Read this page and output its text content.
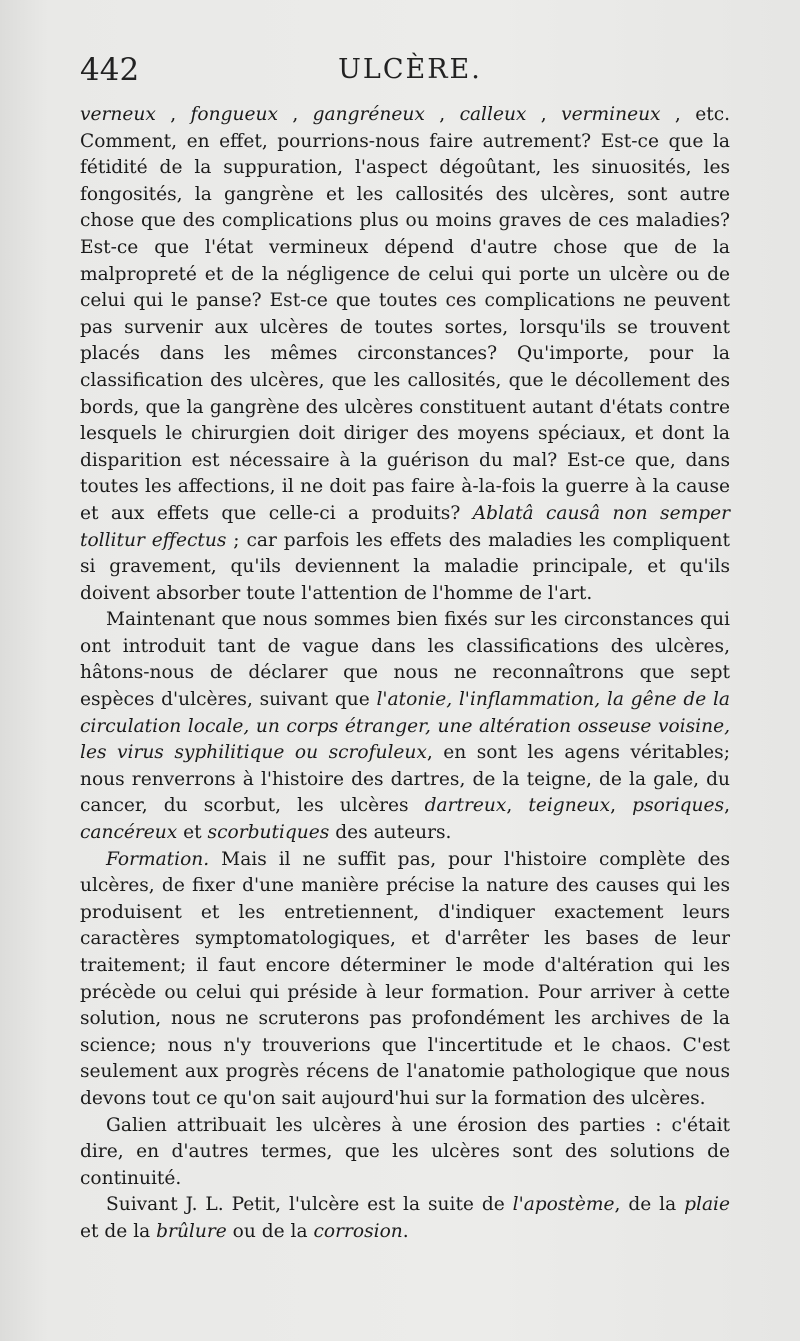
442	ULCÈRE.

verneux , fongueux , gangréneux , calleux , vermineux , etc. Comment, en effet, pourrions-nous faire autrement? Est-ce que la fétidité de la suppuration, l'aspect dégoûtant, les sinuosités, les fongosités, la gangrène et les callosités des ulcères, sont autre chose que des complications plus ou moins graves de ces maladies? Est-ce que l'état vermineux dépend d'autre chose que de la malpropreté et de la négligence de celui qui porte un ulcère ou de celui qui le panse? Est-ce que toutes ces complications ne peuvent pas survenir aux ulcères de toutes sortes, lorsqu'ils se trouvent placés dans les mêmes circonstances? Qu'importe, pour la classification des ulcères, que les callosités, que le décollement des bords, que la gangrène des ulcères constituent autant d'états contre lesquels le chirurgien doit diriger des moyens spéciaux, et dont la disparition est nécessaire à la guérison du mal? Est-ce que, dans toutes les affections, il ne doit pas faire à-la-fois la guerre à la cause et aux effets que celle-ci a produits? Ablatâ causâ non semper tollitur effectus ; car parfois les effets des maladies les compliquent si gravement, qu'ils deviennent la maladie principale, et qu'ils doivent absorber toute l'attention de l'homme de l'art.

Maintenant que nous sommes bien fixés sur les circonstances qui ont introduit tant de vague dans les classifications des ulcères, hâtons-nous de déclarer que nous ne reconnaîtrons que sept espèces d'ulcères, suivant que l'atonie, l'inflammation, la gêne de la circulation locale, un corps étranger, une altération osseuse voisine, les virus syphilitique ou scrofuleux, en sont les agens véritables; nous renverrons à l'histoire des dartres, de la teigne, de la gale, du cancer, du scorbut, les ulcères dartreux, teigneux, psoriques, cancéreux et scorbutiques des auteurs.

Formation. Mais il ne suffit pas, pour l'histoire complète des ulcères, de fixer d'une manière précise la nature des causes qui les produisent et les entretiennent, d'indiquer exactement leurs caractères symptomatologiques, et d'arrêter les bases de leur traitement; il faut encore déterminer le mode d'altération qui les précède ou celui qui préside à leur formation. Pour arriver à cette solution, nous ne scruterons pas profondément les archives de la science; nous n'y trouverions que l'incertitude et le chaos. C'est seulement aux progrès récens de l'anatomie pathologique que nous devons tout ce qu'on sait aujourd'hui sur la formation des ulcères.

Galien attribuait les ulcères à une érosion des parties : c'était dire, en d'autres termes, que les ulcères sont des solutions de continuité.

Suivant J. L. Petit, l'ulcère est la suite de l'apostème, de la plaie et de la brûlure ou de la corrosion.
